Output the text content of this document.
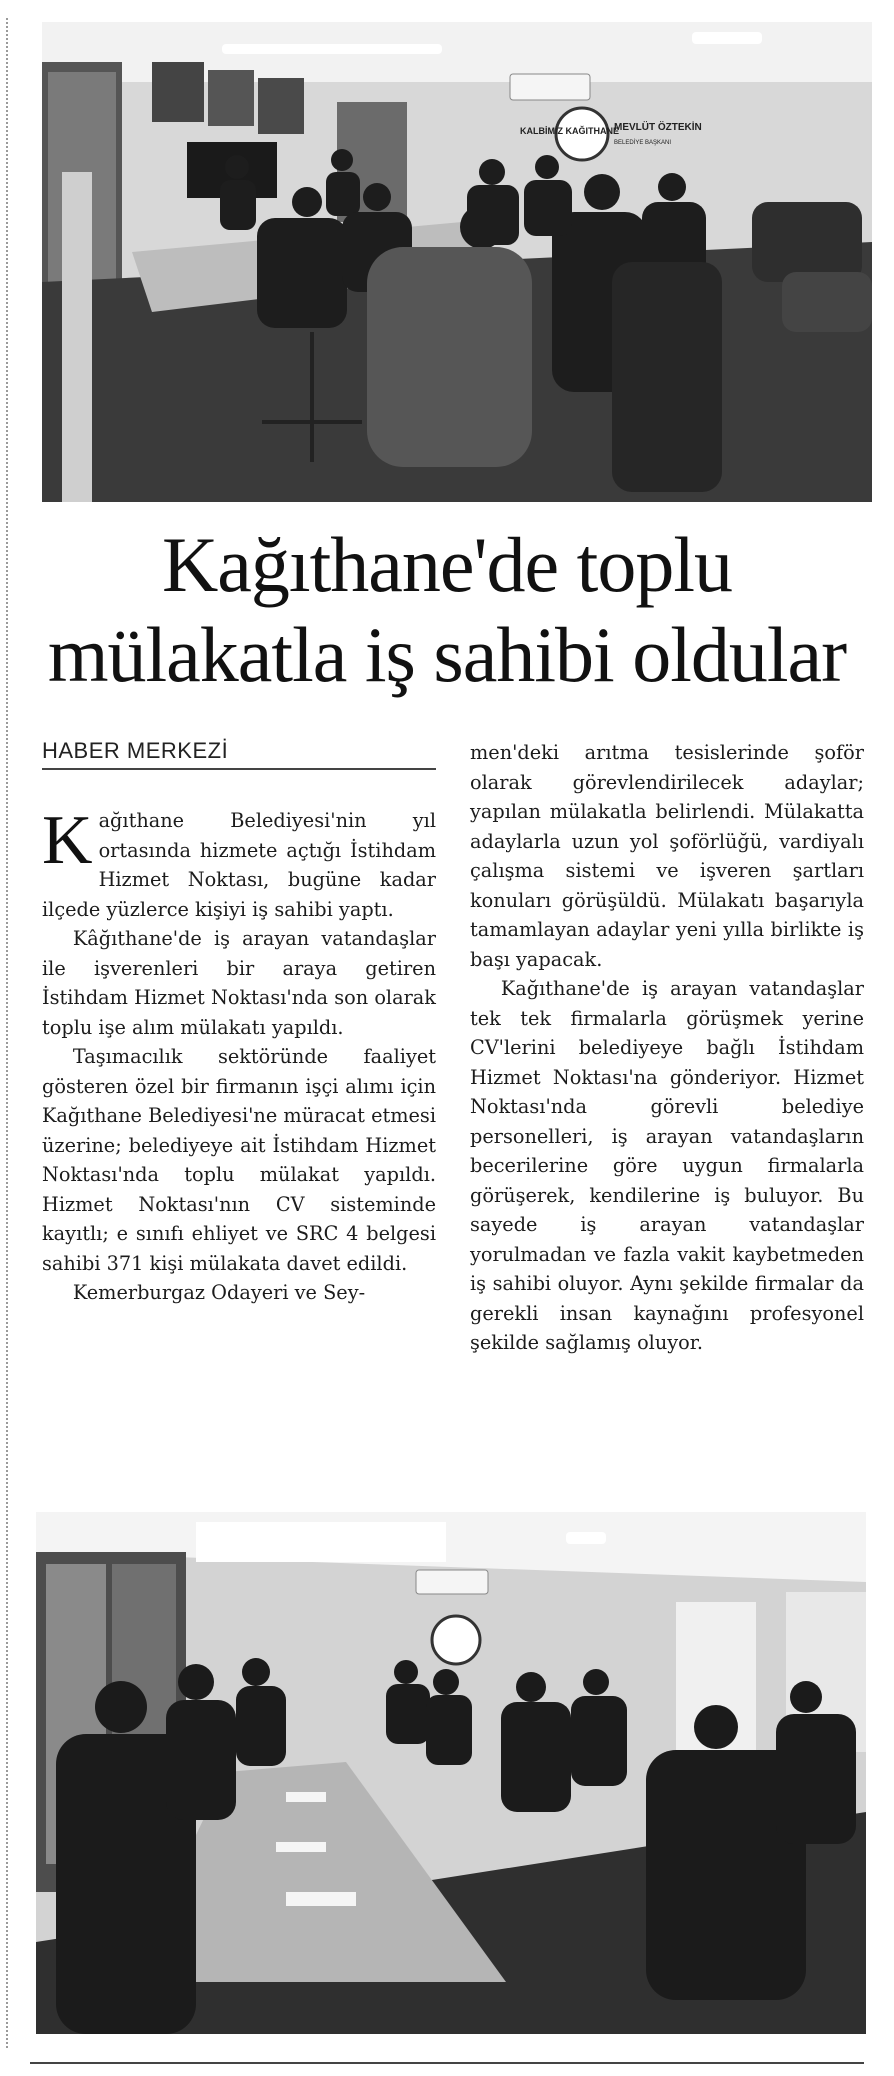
KALBİMİZ KAĞITHANE
MEVLÜT ÖZTEKİN
BELEDİYE BAŞKANI
Kağıthane'de toplu mülakatla iş sahibi oldular
HABER MERKEZİ

Kağıthane Belediyesi'nin yıl ortasında hizmete açtığı İstihdam Hizmet Noktası, bugüne kadar ilçede yüzlerce kişiyi iş sahibi yaptı.

Kâğıthane'de iş arayan vatandaşlar ile işverenleri bir araya getiren İstihdam Hizmet Noktası'nda son olarak toplu işe alım mülakatı yapıldı.

Taşımacılık sektöründe faaliyet gösteren özel bir firmanın işçi alımı için Kağıthane Belediyesi'ne müracat etmesi üzerine; belediyeye ait İstihdam Hizmet Noktası'nda toplu mülakat yapıldı. Hizmet Noktası'nın CV sisteminde kayıtlı; e sınıfı ehliyet ve SRC 4 belgesi sahibi 371 kişi mülakata davet edildi.

Kemerburgaz Odayeri ve Sey-

men'deki arıtma tesislerinde şoför olarak görevlendirilecek adaylar; yapılan mülakatla belirlendi. Mülakatta adaylarla uzun yol şoförlüğü, vardiyalı çalışma sistemi ve işveren şartları konuları görüşüldü. Mülakatı başarıyla tamamlayan adaylar yeni yılla birlikte iş başı yapacak.

Kağıthane'de iş arayan vatandaşlar tek tek firmalarla görüşmek yerine CV'lerini belediyeye bağlı İstihdam Hizmet Noktası'na gönderiyor. Hizmet Noktası'nda görevli belediye personelleri, iş arayan vatandaşların becerilerine göre uygun firmalarla görüşerek, kendilerine iş buluyor. Bu sayede iş arayan vatandaşlar yorulmadan ve fazla vakit kaybetmeden iş sahibi oluyor. Aynı şekilde firmalar da gerekli insan kaynağını profesyonel şekilde sağlamış oluyor.
